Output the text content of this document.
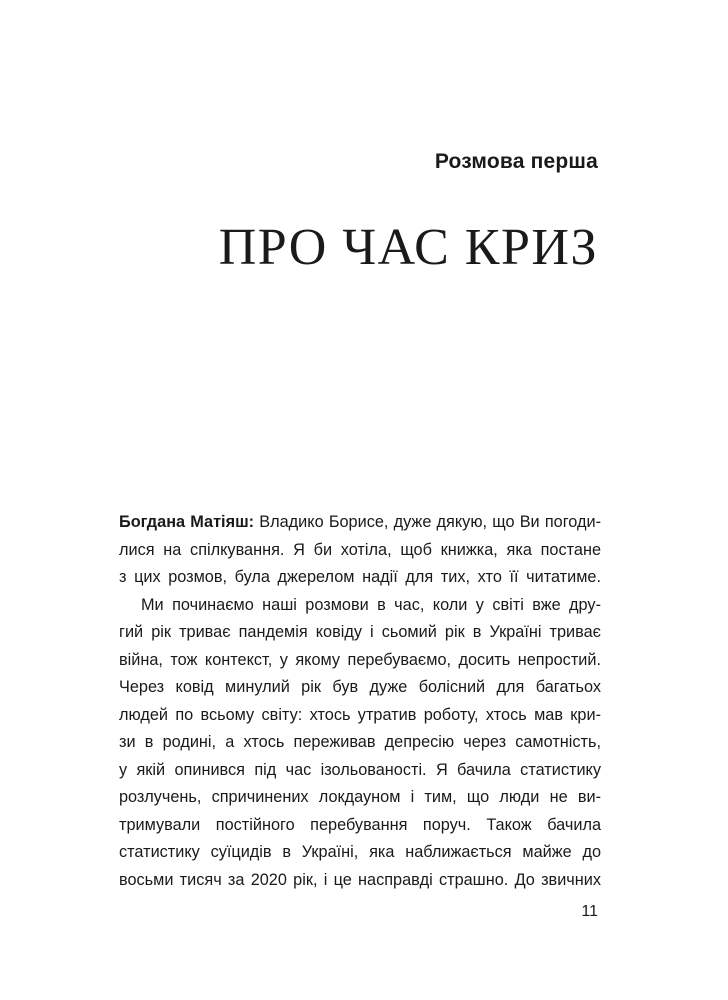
Розмова перша
ПРО ЧАС КРИЗ
Богдана Матіяш: Владико Борисе, дуже дякую, що Ви погоди-
лися на спілкування. Я би хотіла, щоб книжка, яка постане
з цих розмов, була джерелом надії для тих, хто її читатиме.
Ми починаємо наші розмови в час, коли у світі вже дру-
гий рік триває пандемія ковіду і сьомий рік в Україні триває
війна, тож контекст, у якому перебуваємо, досить непростий.
Через ковід минулий рік був дуже болісний для багатьох
людей по всьому світу: хтось утратив роботу, хтось мав кри-
зи в родині, а хтось переживав депресію через самотність,
у якій опинився під час ізольованості. Я бачила статистику
розлучень, спричинених локдауном і тим, що люди не ви-
тримували постійного перебування поруч. Також бачила
статистику суїцидів в Україні, яка наближається майже до
восьми тисяч за 2020 рік, і це насправді страшно. До звичних
11
